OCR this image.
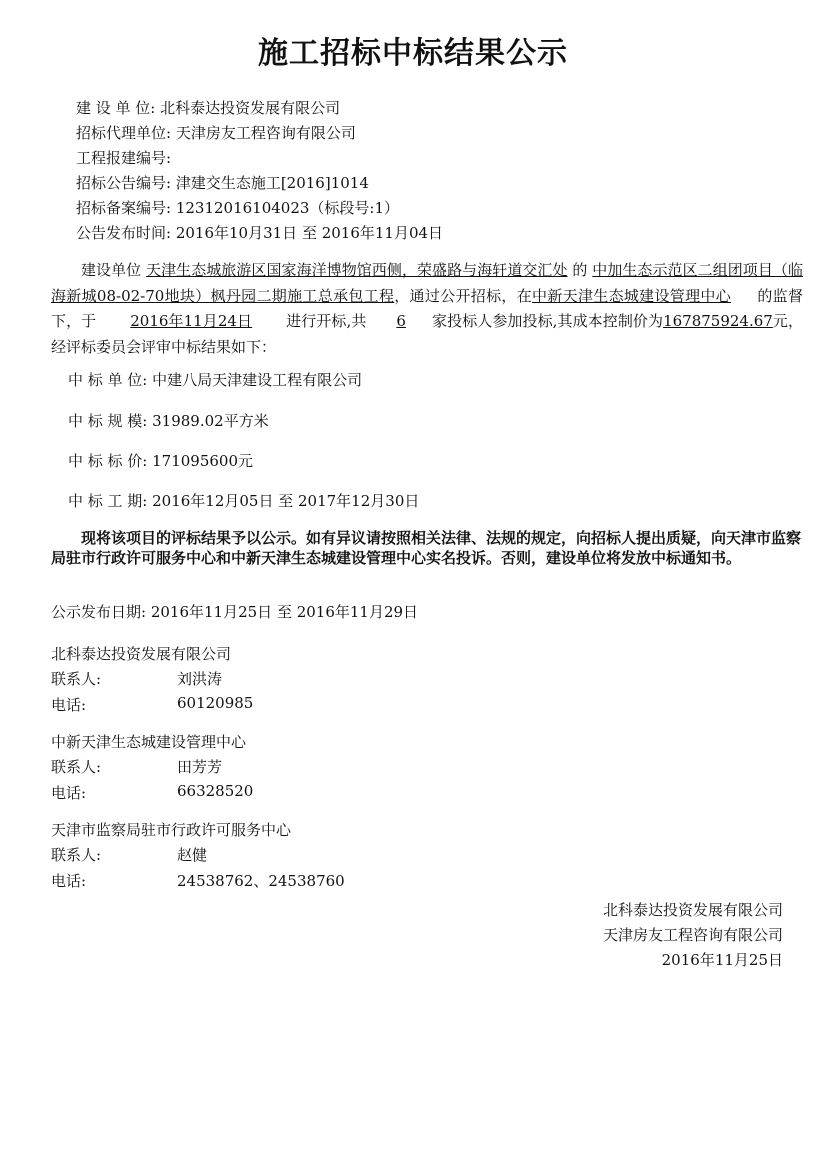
施工招标中标结果公示
建 设 单 位: 北科泰达投资发展有限公司
招标代理单位: 天津房友工程咨询有限公司
工程报建编号:
招标公告编号: 津建交生态施工[2016]1014
招标备案编号: 12312016104023（标段号:1）
公告发布时间: 2016年10月31日 至 2016年11月04日
建设单位 天津生态城旅游区国家海洋博物馆西侧，荣盛路与海轩道交汇处 的 中加生态示范区二组团项目（临海新城08-02-70地块）枫丹园二期施工总承包工程，通过公开招标，在中新天津生态城建设管理中心 的监督下，于 2016年11月24日 进行开标,共 6 家投标人参加投标,其成本控制价为167875924.67元，经评标委员会评审中标结果如下：
中 标 单 位: 中建八局天津建设工程有限公司
中 标 规 模: 31989.02平方米
中 标 标 价: 171095600元
中 标 工 期: 2016年12月05日 至 2017年12月30日
现将该项目的评标结果予以公示。如有异议请按照相关法律、法规的规定，向招标人提出质疑，向天津市监察局驻市行政许可服务中心和中新天津生态城建设管理中心实名投诉。否则，建设单位将发放中标通知书。
公示发布日期: 2016年11月25日 至 2016年11月29日
北科泰达投资发展有限公司
联系人:	刘洪涛
电话:	60120985
中新天津生态城建设管理中心
联系人:	田芳芳
电话:	66328520
天津市监察局驻市行政许可服务中心
联系人:	赵健
电话:	24538762、24538760
北科泰达投资发展有限公司
天津房友工程咨询有限公司
2016年11月25日
